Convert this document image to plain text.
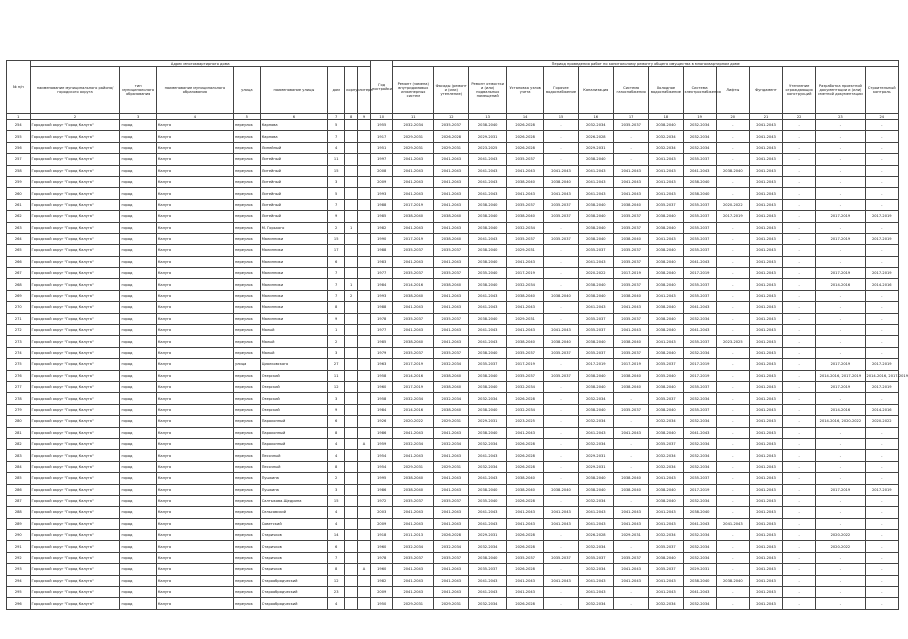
№ п/п	Адрес многоквартирного дома								Год постройки	Период проведения работ по капитальному ремонту общего имущества в многоквартирном доме													
	наименование муниципального района/городского округа	тип муниципального образования	наименование муниципального образования	улица	наименование улицы	дом	корпус	литера		Ремонт (замена) внутридомовых инженерных систем	Фасады (ремонт и (или) утепление)	Ремонт отмостки и (или) подвальных помещений	Установка узлов учета	Горячее водоснабжение	Канализация	Система газоснабжения	Холодное водоснабжение	Система электроснабжения	Лифты	Фундамент	Утепление ограждающих конструкций	Разработка проектной документации и (или) сметной документации	Строительный контроль
1	2	3	4	5	6	7	8	9	10	11	12	13	14	15	16	17	18	19	20	21	22	23	24
254	Городской округ "Город Калуга"	город	Калуга	переулок	Карпова	5			1955	2032-2034	2035-2037	2038-2040	2026-2028	-	2032-2034	2035-2037	2038-2040	2032-2034	-	2041-2043	-	-	-
255	Городской округ "Город Калуга"	город	Калуга	переулок	Карпова	7			1917	2029-2031	2026-2028	2029-2031	2026-2028	-	2026-2028	-	2032-2034	2032-2034	-	2041-2043	-	-	-
256	Городской округ "Город Калуга"	город	Калуга	переулок	Линейный	4			1951	2029-2031	2029-2031	2023-2025	2026-2028	-	2029-2031	-	2032-2034	2032-2034	-	2041-2043	-	-	-
257	Городской округ "Город Калуга"	город	Калуга	переулок	Литейный	11			1997	2041-2043	2041-2043	2041-2043	2035-2037	-	2038-2040	-	2041-2043	2035-2037	-	2041-2043	-	-	-
258	Городской округ "Город Калуга"	город	Калуга	переулок	Литейный	15			2008	2041-2043	2041-2043	2041-2043	2041-2043	2041-2043	2041-2043	2041-2043	2041-2043	2041-2043	2038-2040	2041-2043	-	-	-
259	Городской округ "Город Калуга"	город	Калуга	переулок	Литейный	3			2009	2041-2043	2041-2043	2041-2043	2038-2040	2038-2040	2041-2043	2041-2043	2041-2043	2038-2040	-	2041-2043	-	-	-
260	Городской округ "Город Калуга"	город	Калуга	переулок	Литейный	5			1993	2041-2043	2041-2043	2041-2043	2041-2043	2041-2043	2041-2043	2041-2043	2041-2043	2038-2040	-	2041-2043	-	-	-
261	Городской округ "Город Калуга"	город	Калуга	переулок	Литейный	7			1988	2017-2019	2041-2043	2038-2040	2035-2037	2035-2037	2038-2040	2038-2040	2035-2037	2035-2037	2020-2022	2041-2043	-	-	-
262	Городской округ "Город Калуга"	город	Калуга	переулок	Литейный	9			1985	2038-2040	2038-2040	2038-2040	2038-2040	2035-2037	2038-2040	2035-2037	2038-2040	2035-2037	2017-2019	2041-2043	-	2017-2019	2017-2019
263	Городской округ "Город Калуга"	город	Калуга	переулок	М. Горького	2	1		1982	2041-2043	2041-2043	2038-2040	2032-2034	-	2038-2040	2035-2037	2038-2040	2035-2037	-	2041-2043	-	-	-
264	Городской округ "Город Калуга"	город	Калуга	переулок	Малинники	15			1990	2017-2019	2038-2040	2041-2043	2035-2037	2035-2037	2038-2040	2038-2040	2041-2043	2035-2037	-	2041-2043	-	2017-2019	2017-2019
265	Городской округ "Город Калуга"	город	Калуга	переулок	Малинники	17			1988	2035-2037	2035-2037	2038-2040	2029-2031	-	2035-2037	2035-2037	2038-2040	2035-2037	-	2041-2043	-	-	-
266	Городской округ "Город Калуга"	город	Калуга	переулок	Малинники	6			1983	2041-2043	2041-2043	2038-2040	2041-2043	-	2041-2043	2035-2037	2038-2040	2041-2043	-	2041-2043	-	-	-
267	Городской округ "Город Калуга"	город	Калуга	переулок	Малинники	7			1977	2035-2037	2035-2037	2035-2040	2017-2019	-	2020-2022	2017-2019	2038-2040	2017-2019	-	2041-2043	-	2017-2019	2017-2019
268	Городской округ "Город Калуга"	город	Калуга	переулок	Малинники	7	1		1984	2014-2016	2038-2040	2038-2040	2032-2034	-	2038-2040	2035-2037	2038-2040	2035-2037	-	2041-2043	-	2014-2016	2014-2016
269	Городской округ "Город Калуга"	город	Калуга	переулок	Малинники	7	2		1993	2038-2040	2041-2043	2041-2043	2038-2040	2038-2040	2038-2040	2038-2040	2041-2043	2035-2037	-	2041-2043	-	-	-
270	Городской округ "Город Калуга"	город	Калуга	переулок	Малинники	8			1988	2041-2043	2041-2043	2041-2043	2041-2043	-	2041-2043	2041-2043	2038-2040	2041-2043	-	2041-2043	-	-	-
271	Городской округ "Город Калуга"	город	Калуга	переулок	Малинники	9			1978	2035-2037	2035-2037	2038-2040	2029-2031	-	2035-2037	2035-2037	2038-2040	2032-2034	-	2041-2043	-	-	-
272	Городской округ "Город Калуга"	город	Калуга	переулок	Малый	1			1977	2041-2043	2041-2043	2041-2043	2041-2043	2041-2043	2035-2037	2041-2043	2038-2040	2041-2043	-	2041-2043	-	-	-
273	Городской округ "Город Калуга"	город	Калуга	переулок	Малый	2			1985	2038-2040	2041-2043	2041-2043	2038-2040	2038-2040	2038-2040	2038-2040	2041-2043	2035-2037	2023-2025	2041-2043	-	-	-
274	Городской округ "Город Калуга"	город	Калуга	переулок	Малый	3			1979	2035-2037	2035-2037	2038-2040	2035-2037	2035-2037	2035-2037	2035-2037	2038-2040	2032-2034	-	2041-2043	-	-	-
275	Городской округ "Город Калуга"	город	Калуга	улица	Циолковского	27			1963	2017-2019	2032-2034	2035-2037	2017-2019	-	2017-2019	2017-2019	2035-2037	2017-2019	-	2041-2043	-	2017-2019	2017-2019
276	Городской округ "Город Калуга"	город	Калуга	переулок	Озерский	11			1958	2014-2016	2038-2040	2038-2040	2035-2037	2035-2037	2038-2040	2038-2040	2035-2040	2017-2019	-	2041-2043	-	2014-2016, 2017-2019	2014-2016, 2017-2019
277	Городской округ "Город Калуга"	город	Калуга	переулок	Озерский	12			1960	2017-2019	2038-2040	2038-2040	2032-2034	-	2038-2040	2038-2040	2038-2040	2035-2037	-	2041-2043	-	2017-2019	2017-2019
278	Городской округ "Город Калуга"	город	Калуга	переулок	Озерский	3			1958	2032-2034	2032-2034	2032-2034	2026-2028	-	2032-2034	-	2035-2037	2032-2034	-	2041-2043	-	-	-
279	Городской округ "Город Калуга"	город	Калуга	переулок	Озерский	9			1984	2014-2016	2038-2040	2038-2040	2032-2034	-	2038-2040	2035-2037	2038-2040	2035-2037	-	2041-2043	-	2014-2016	2014-2016
280	Городской округ "Город Калуга"	город	Калуга	переулок	Пароконный	6			1926	2020-2022	2029-2031	2029-2031	2023-2025	-	2032-2034	-	2032-2034	2032-2034	-	2041-2043	-	2014-2016, 2020-2022	2020-2022
281	Городской округ "Город Калуга"	город	Калуга	переулок	Пароконный	8			1986	2041-2043	2041-2043	2038-2040	2041-2043	-	2041-2043	2041-2043	2038-2040	2041-2043	-	2041-2043	-	-	-
282	Городской округ "Город Калуга"	город	Калуга	переулок	Пароконный	4		А	1959	2032-2034	2032-2034	2032-2034	2026-2028	-	2032-2034	-	2035-2037	2032-2034	-	2041-2043	-	-	-
283	Городской округ "Город Калуга"	город	Калуга	переулок	Песочный	4			1954	2041-2043	2041-2043	2041-2043	2026-2028	-	2029-2031	-	2032-2034	2032-2034	-	2041-2043	-	-	-
284	Городской округ "Город Калуга"	город	Калуга	переулок	Песочный	8			1954	2029-2031	2029-2031	2032-2034	2026-2028	-	2029-2031	-	2032-2034	2032-2034	-	2041-2043	-	-	-
285	Городской округ "Город Калуга"	город	Калуга	переулок	Пушкина	2			1995	2038-2040	2041-2043	2041-2043	2038-2040	-	2038-2040	2038-2040	2041-2043	2035-2037	-	2041-2043	-	-	-
286	Городской округ "Город Калуга"	город	Калуга	переулок	Пушкина	3			1986	2038-2040	2041-2043	2038-2040	2038-2040	2038-2040	2038-2040	2038-2040	2038-2040	2017-2019	-	2041-2043	-	2017-2019	2017-2019
287	Городской округ "Город Калуга"	город	Калуга	переулок	Салтыкова-Щедрина	15			1972	2035-2037	2035-2037	2035-2040	2026-2028	-	2032-2034	-	2038-2040	2032-2034	-	2041-2043	-	-	-
288	Городской округ "Город Калуга"	город	Калуга	переулок	Сельсовский	4			2003	2041-2043	2041-2043	2041-2043	2041-2043	2041-2043	2041-2043	2041-2043	2041-2043	2038-2040	-	2041-2043	-	-	-
289	Городской округ "Город Калуга"	город	Калуга	переулок	Советский	4			2009	2041-2043	2041-2043	2041-2043	2041-2043	2041-2043	2041-2043	2041-2043	2041-2043	2041-2043	2041-2043	2041-2043	-	-	-
290	Городской округ "Город Калуга"	город	Калуга	переулок	Старичков	14			1918	2011-2013	2026-2028	2029-2031	2026-2028	-	2026-2028	2029-2031	2032-2034	2032-2034	-	2041-2043	-	2020-2022	-
291	Городской округ "Город Калуга"	город	Калуга	переулок	Старичков	6			1960	2032-2034	2032-2034	2032-2034	2026-2028	-	2032-2034	-	2035-2037	2032-2034	-	2041-2043	-	2020-2022	-
292	Городской округ "Город Калуга"	город	Калуга	переулок	Старичков	7			1978	2035-2037	2035-2037	2038-2040	2035-2037	2035-2037	2035-2037	2035-2037	2038-2040	2032-2034	-	2041-2043	-	-	-
293	Городской округ "Город Калуга"	город	Калуга	переулок	Старичков	8		А	1960	2041-2043	2041-2043	2035-2037	2026-2028	-	2032-2034	2041-2043	2035-2037	2029-2031	-	2041-2043	-	-	-
294	Городской округ "Город Калуга"	город	Калуга	переулок	Старообрядческий	12			1982	2041-2043	2041-2043	2041-2043	2041-2043	2041-2043	2041-2043	2041-2043	2041-2043	2038-2040	2038-2040	2041-2043	-	-	-
295	Городской округ "Город Калуга"	город	Калуга	переулок	Старообрядческий	23			2009	2041-2043	2041-2043	2041-2043	2041-2043	-	2041-2043	-	2041-2043	2041-2043	-	2041-2043	-	-	-
296	Городской округ "Город Калуга"	город	Калуга	переулок	Старообрядческий	4			1950	2029-2031	2029-2031	2032-2034	2026-2028	-	2032-2034	-	2032-2034	2032-2034	-	2041-2043	-	-	-
